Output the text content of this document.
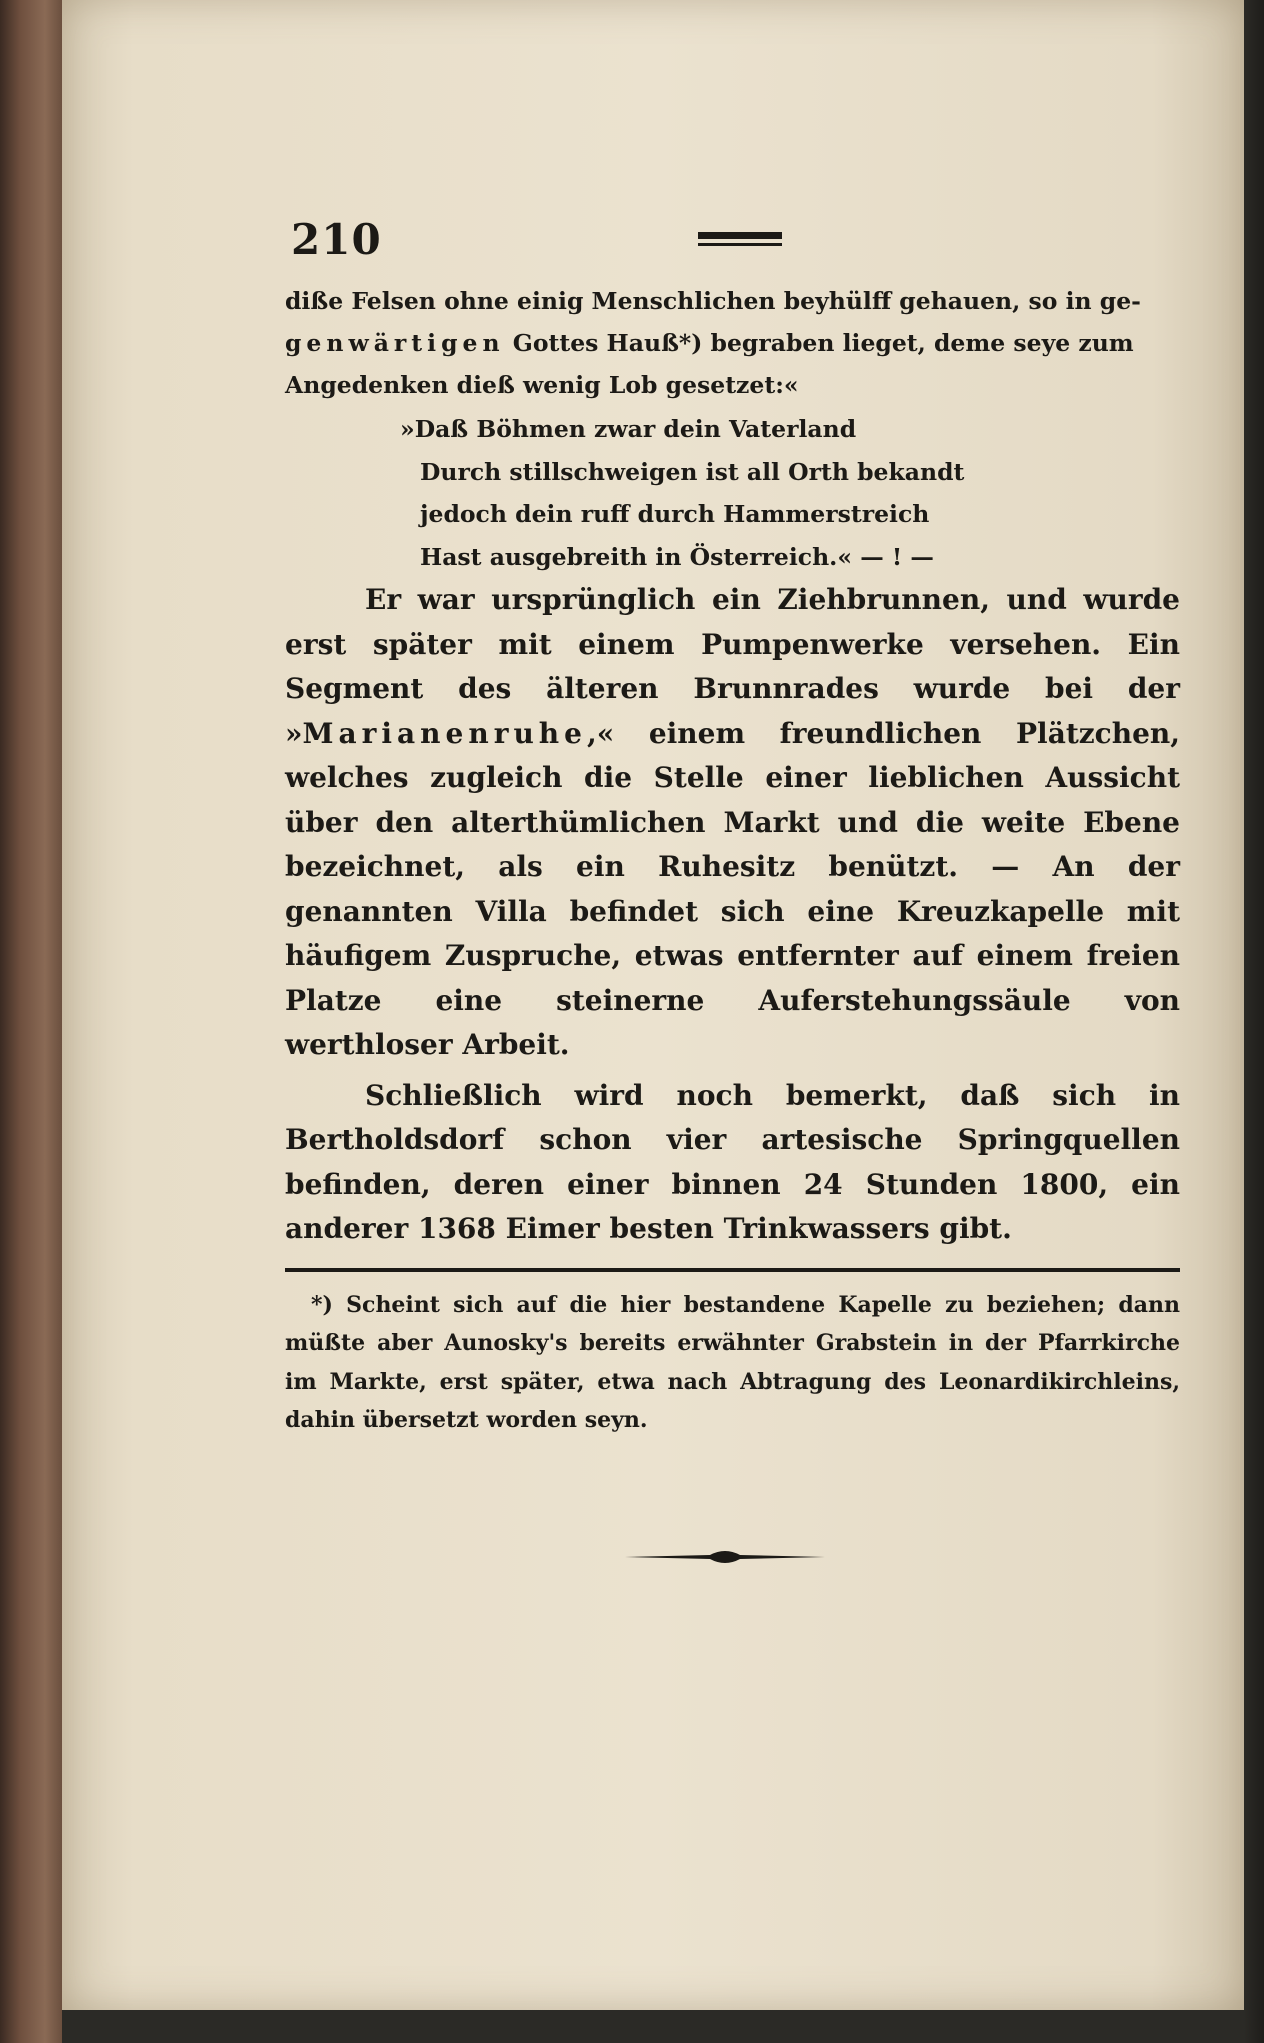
210

diße Felsen ohne einig Menschlichen beyhülff gehauen, so in ge-
genwärtigen Gottes Hauß*) begraben lieget, deme seye zum
Angedenken dieß wenig Lob gesetzet:«

»Daß Böhmen zwar dein Vaterland
Durch stillschweigen ist all Orth bekandt
jedoch dein ruff durch Hammerstreich
Hast ausgebreith in Österreich.« — ! —

Er war ursprünglich ein Ziehbrunnen, und wurde erst später mit einem Pumpenwerke versehen. Ein Segment des älteren Brunnrades wurde bei der »Marianenruhe,« einem freundlichen Plätzchen, welches zugleich die Stelle einer lieblichen Aussicht über den alterthümlichen Markt und die weite Ebene bezeichnet, als ein Ruhesitz benützt. — An der genannten Villa befindet sich eine Kreuzkapelle mit häufigem Zuspruche, etwas entfernter auf einem freien Platze eine steinerne Auferstehungssäule von werthloser Arbeit.

Schließlich wird noch bemerkt, daß sich in Bertholdsdorf schon vier artesische Springquellen befinden, deren einer binnen 24 Stunden 1800, ein anderer 1368 Eimer besten Trinkwassers gibt.

*) Scheint sich auf die hier bestandene Kapelle zu beziehen; dann müßte aber Aunosky's bereits erwähnter Grabstein in der Pfarrkirche im Markte, erst später, etwa nach Abtragung des Leonardikirchleins, dahin übersetzt worden seyn.
